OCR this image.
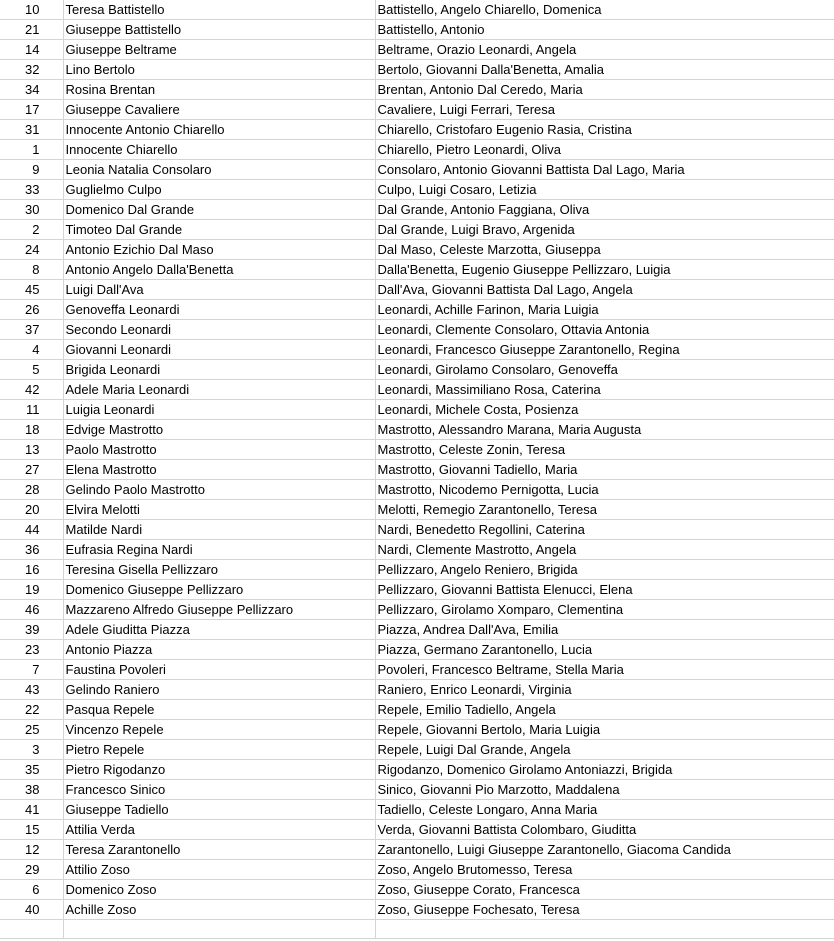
10	Teresa Battistello	Battistello, Angelo Chiarello, Domenica
21	Giuseppe Battistello	Battistello, Antonio
14	Giuseppe Beltrame	Beltrame, Orazio Leonardi, Angela
32	Lino Bertolo	Bertolo, Giovanni Dalla'Benetta, Amalia
34	Rosina Brentan	Brentan, Antonio Dal Ceredo, Maria
17	Giuseppe Cavaliere	Cavaliere, Luigi Ferrari, Teresa
31	Innocente Antonio Chiarello	Chiarello, Cristofaro Eugenio Rasia, Cristina
1	Innocente Chiarello	Chiarello, Pietro Leonardi, Oliva
9	Leonia Natalia Consolaro	Consolaro, Antonio Giovanni Battista Dal Lago, Maria
33	Guglielmo Culpo	Culpo, Luigi Cosaro, Letizia
30	Domenico Dal Grande	Dal Grande, Antonio Faggiana, Oliva
2	Timoteo Dal Grande	Dal Grande, Luigi Bravo, Argenida
24	Antonio Ezichio Dal Maso	Dal Maso, Celeste Marzotta, Giuseppa
8	Antonio Angelo Dalla'Benetta	Dalla'Benetta, Eugenio Giuseppe Pellizzaro, Luigia
45	Luigi Dall'Ava	Dall'Ava, Giovanni Battista Dal Lago, Angela
26	Genoveffa Leonardi	Leonardi, Achille Farinon, Maria Luigia
37	Secondo Leonardi	Leonardi, Clemente Consolaro, Ottavia Antonia
4	Giovanni Leonardi	Leonardi, Francesco Giuseppe Zarantonello, Regina
5	Brigida Leonardi	Leonardi, Girolamo Consolaro, Genoveffa
42	Adele Maria Leonardi	Leonardi, Massimiliano Rosa, Caterina
11	Luigia Leonardi	Leonardi, Michele Costa, Posienza
18	Edvige Mastrotto	Mastrotto, Alessandro Marana, Maria Augusta
13	Paolo Mastrotto	Mastrotto, Celeste Zonin, Teresa
27	Elena Mastrotto	Mastrotto, Giovanni Tadiello, Maria
28	Gelindo Paolo Mastrotto	Mastrotto, Nicodemo Pernigotta, Lucia
20	Elvira Melotti	Melotti, Remegio Zarantonello, Teresa
44	Matilde Nardi	Nardi, Benedetto Regollini, Caterina
36	Eufrasia Regina Nardi	Nardi, Clemente Mastrotto, Angela
16	Teresina Gisella Pellizzaro	Pellizzaro, Angelo Reniero, Brigida
19	Domenico Giuseppe Pellizzaro	Pellizzaro, Giovanni Battista Elenucci, Elena
46	Mazzareno Alfredo Giuseppe Pellizzaro	Pellizzaro, Girolamo Xomparo, Clementina
39	Adele Giuditta Piazza	Piazza, Andrea Dall'Ava, Emilia
23	Antonio Piazza	Piazza, Germano Zarantonello, Lucia
7	Faustina Povoleri	Povoleri, Francesco Beltrame, Stella Maria
43	Gelindo Raniero	Raniero, Enrico Leonardi, Virginia
22	Pasqua Repele	Repele, Emilio Tadiello, Angela
25	Vincenzo Repele	Repele, Giovanni Bertolo, Maria Luigia
3	Pietro Repele	Repele, Luigi Dal Grande, Angela
35	Pietro Rigodanzo	Rigodanzo, Domenico Girolamo Antoniazzi, Brigida
38	Francesco Sinico	Sinico, Giovanni Pio Marzotto, Maddalena
41	Giuseppe Tadiello	Tadiello, Celeste Longaro, Anna Maria
15	Attilia Verda	Verda, Giovanni Battista Colombaro, Giuditta
12	Teresa Zarantonello	Zarantonello, Luigi Giuseppe Zarantonello, Giacoma Candida
29	Attilio Zoso	Zoso, Angelo Brutomesso, Teresa
6	Domenico Zoso	Zoso, Giuseppe Corato, Francesca
40	Achille Zoso	Zoso, Giuseppe Fochesato, Teresa
